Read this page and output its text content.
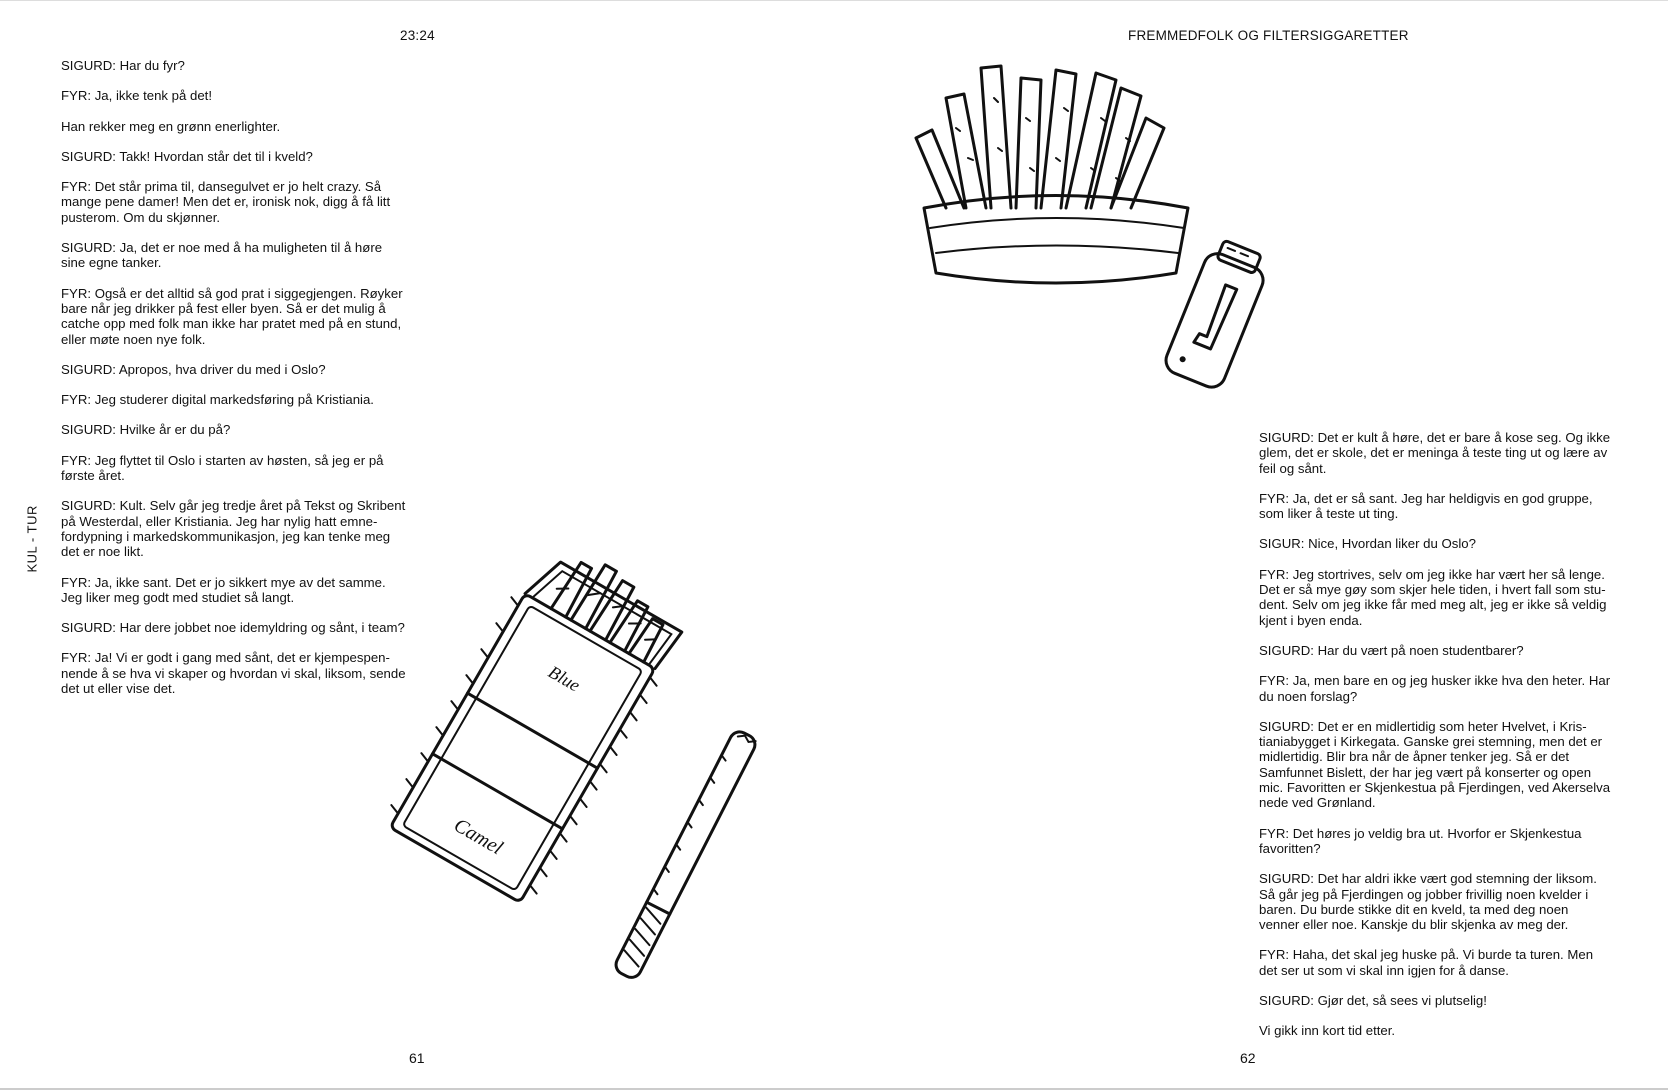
23:24
KUL - TUR

SIGURD: Har du fyr?

FYR: Ja, ikke tenk på det!

Han rekker meg en grønn enerlighter.

SIGURD: Takk! Hvordan står det til i kveld?

FYR: Det står prima til, dansegulvet er jo helt crazy. Så mange pene damer! Men det er, ironisk nok, digg å få litt pusterom. Om du skjønner.

SIGURD: Ja, det er noe med å ha muligheten til å høre sine egne tanker.

FYR: Også er det alltid så god prat i siggegjengen. Røyker bare når jeg drikker på fest eller byen. Så er det mulig å catche opp med folk man ikke har pratet med på en stund, eller møte noen nye folk.

SIGURD: Apropos, hva driver du med i Oslo?

FYR: Jeg studerer digital markedsføring på Kristiania.

SIGURD: Hvilke år er du på?

FYR: Jeg flyttet til Oslo i starten av høsten, så jeg er på første året.

SIGURD: Kult. Selv går jeg tredje året på Tekst og Skribent på Westerdal, eller Kristiania. Jeg har nylig hatt emne-fordypning i markedskommunikasjon, jeg kan tenke meg det er noe likt.

FYR: Ja, ikke sant. Det er jo sikkert mye av det samme. Jeg liker meg godt med studiet så langt.

SIGURD: Har dere jobbet noe idemyldring og sånt, i team?

FYR: Ja! Vi er godt i gang med sånt, det er kjempespen-nende å se hva vi skaper og hvordan vi skal, liksom, sende det ut eller vise det.	Blue
Camel
61
FREMMEDFOLK OG FILTERSIGGARETTER

SIGURD: Det er kult å høre, det er bare å kose seg. Og ikke glem, det er skole, det er meninga å teste ting ut og lære av feil og sånt.

FYR: Ja, det er så sant. Jeg har heldigvis en god gruppe, som liker å teste ut ting.

SIGUR: Nice, Hvordan liker du Oslo?

FYR: Jeg stortrives, selv om jeg ikke har vært her så lenge. Det er så mye gøy som skjer hele tiden, i hvert fall som stu-dent. Selv om jeg ikke får med meg alt, jeg er ikke så veldig kjent i byen enda.

SIGURD: Har du vært på noen studentbarer?

FYR: Ja, men bare en og jeg husker ikke hva den heter. Har du noen forslag?

SIGURD: Det er en midlertidig som heter Hvelvet, i Kris-tianiabygget i Kirkegata. Ganske grei stemning, men det er midlertidig. Blir bra når de åpner tenker jeg. Så er det Samfunnet Bislett, der har jeg vært på konserter og open mic. Favoritten er Skjenkestua på Fjerdingen, ved Akerselva nede ved Grønland.

FYR: Det høres jo veldig bra ut. Hvorfor er Skjenkestua favoritten?

SIGURD: Det har aldri ikke vært god stemning der liksom. Så går jeg på Fjerdingen og jobber frivillig noen kvelder i baren. Du burde stikke dit en kveld, ta med deg noen venner eller noe. Kanskje du blir skjenka av meg der.

FYR: Haha, det skal jeg huske på. Vi burde ta turen. Men det ser ut som vi skal inn igjen for å danse.

SIGURD: Gjør det, så sees vi plutselig!

Vi gikk inn kort tid etter.

62
